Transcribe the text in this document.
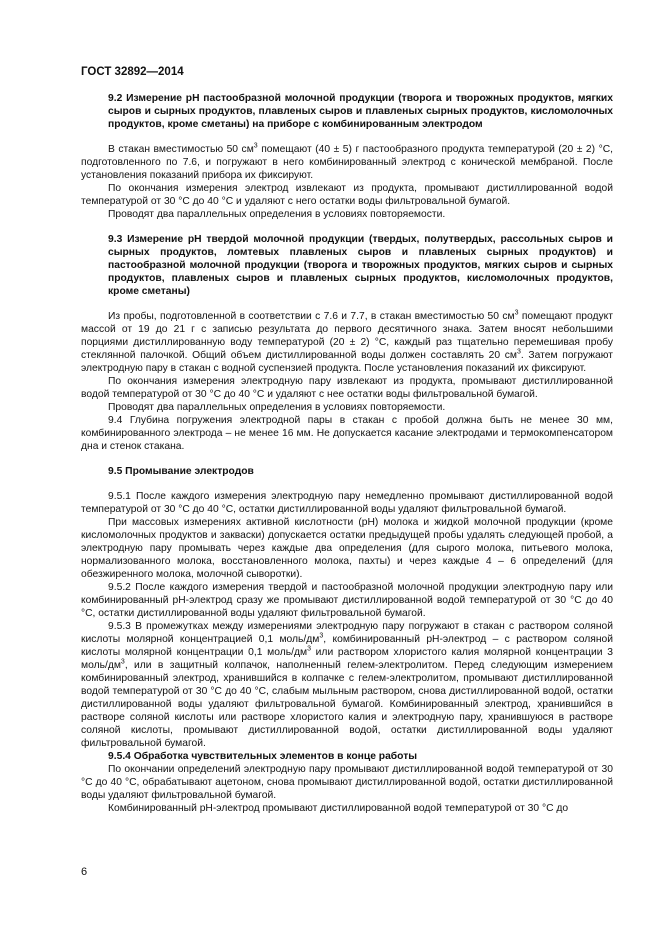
ГОСТ 32892—2014

9.2 Измерение pH пастообразной молочной продукции (творога и творожных продуктов, мягких сыров и сырных продуктов, плавленых сыров и плавленых сырных продуктов, кисломолочных продуктов, кроме сметаны) на приборе с комбинированным электродом

В стакан вместимостью 50 $см^3$ помещают (40 ± 5) г пастообразного продукта температурой (20 ± 2) °С, подготовленного по 7.6, и погружают в него комбинированный электрод с конической мембраной. После установления показаний прибора их фиксируют.

По окончания измерения электрод извлекают из продукта, промывают дистиллированной водой температурой от 30 °С до 40 °С и удаляют с него остатки воды фильтровальной бумагой.

Проводят два параллельных определения в условиях повторяемости.

9.3 Измерение pH твердой молочной продукции (твердых, полутвердых, рассольных сыров и сырных продуктов, ломтевых плавленых сыров и плавленых сырных продуктов) и пастообразной молочной продукции (творога и творожных продуктов, мягких сыров и сырных продуктов, плавленых сыров и плавленых сырных продуктов, кисломолочных продуктов, кроме сметаны)

Из пробы, подготовленной в соответствии с 7.6 и 7.7, в стакан вместимостью 50 $см^3$ помещают продукт массой от 19 до 21 г с записью результата до первого десятичного знака. Затем вносят небольшими порциями дистиллированную воду температурой (20 ± 2) °С, каждый раз тщательно перемешивая пробу стеклянной палочкой. Общий объем дистиллированной воды должен составлять 20 $см^3$. Затем погружают электродную пару в стакан с водной суспензией продукта. После установления показаний их фиксируют.

По окончания измерения электродную пару извлекают из продукта, промывают дистиллированной водой температурой от 30 °С до 40 °С и удаляют с нее остатки воды фильтровальной бумагой.

Проводят два параллельных определения в условиях повторяемости.

9.4 Глубина погружения электродной пары в стакан с пробой должна быть не менее 30 мм, комбинированного электрода – не менее 16 мм. Не допускается касание электродами и термокомпенсатором дна и стенок стакана.

9.5 Промывание электродов

9.5.1 После каждого измерения электродную пару немедленно промывают дистиллированной водой температурой от 30 °С до 40 °С, остатки дистиллированной воды удаляют фильтровальной бумагой.

При массовых измерениях активной кислотности (pH) молока и жидкой молочной продукции (кроме кисломолочных продуктов и закваски) допускается остатки предыдущей пробы удалять следующей пробой, а электродную пару промывать через каждые два определения (для сырого молока, питьевого молока, нормализованного молока, восстановленного молока, пахты) и через каждые 4 – 6 определений (для обезжиренного молока, молочной сыворотки).

9.5.2 После каждого измерения твердой и пастообразной молочной продукции электродную пару или комбинированный pH-электрод сразу же промывают дистиллированной водой температурой от 30 °С до 40 °С, остатки дистиллированной воды удаляют фильтровальной бумагой.

9.5.3 В промежутках между измерениями электродную пару погружают в стакан с раствором соляной кислоты молярной концентрацией 0,1 моль/$дм^3$, комбинированный pH-электрод – с раствором соляной кислоты молярной концентрации 0,1 моль/$дм^3$ или раствором хлористого калия молярной концентрации 3 моль/$дм^3$, или в защитный колпачок, наполненный гелем-электролитом. Перед следующим измерением комбинированный электрод, хранившийся в колпачке с гелем-электролитом, промывают дистиллированной водой температурой от 30 °С до 40 °С, слабым мыльным раствором, снова дистиллированной водой, остатки дистиллированной воды удаляют фильтровальной бумагой. Комбинированный электрод, хранившийся в растворе соляной кислоты или растворе хлористого калия и электродную пару, хранившуюся в растворе соляной кислоты, промывают дистиллированной водой, остатки дистиллированной воды удаляют фильтровальной бумагой.

9.5.4 Обработка чувствительных элементов в конце работы

По окончании определений электродную пару промывают дистиллированной водой температурой от 30 °С до 40 °С, обрабатывают ацетоном, снова промывают дистиллированной водой, остатки дистиллированной воды удаляют фильтровальной бумагой.

Комбинированный pH-электрод промывают дистиллированной водой температурой от 30 °С до

6
